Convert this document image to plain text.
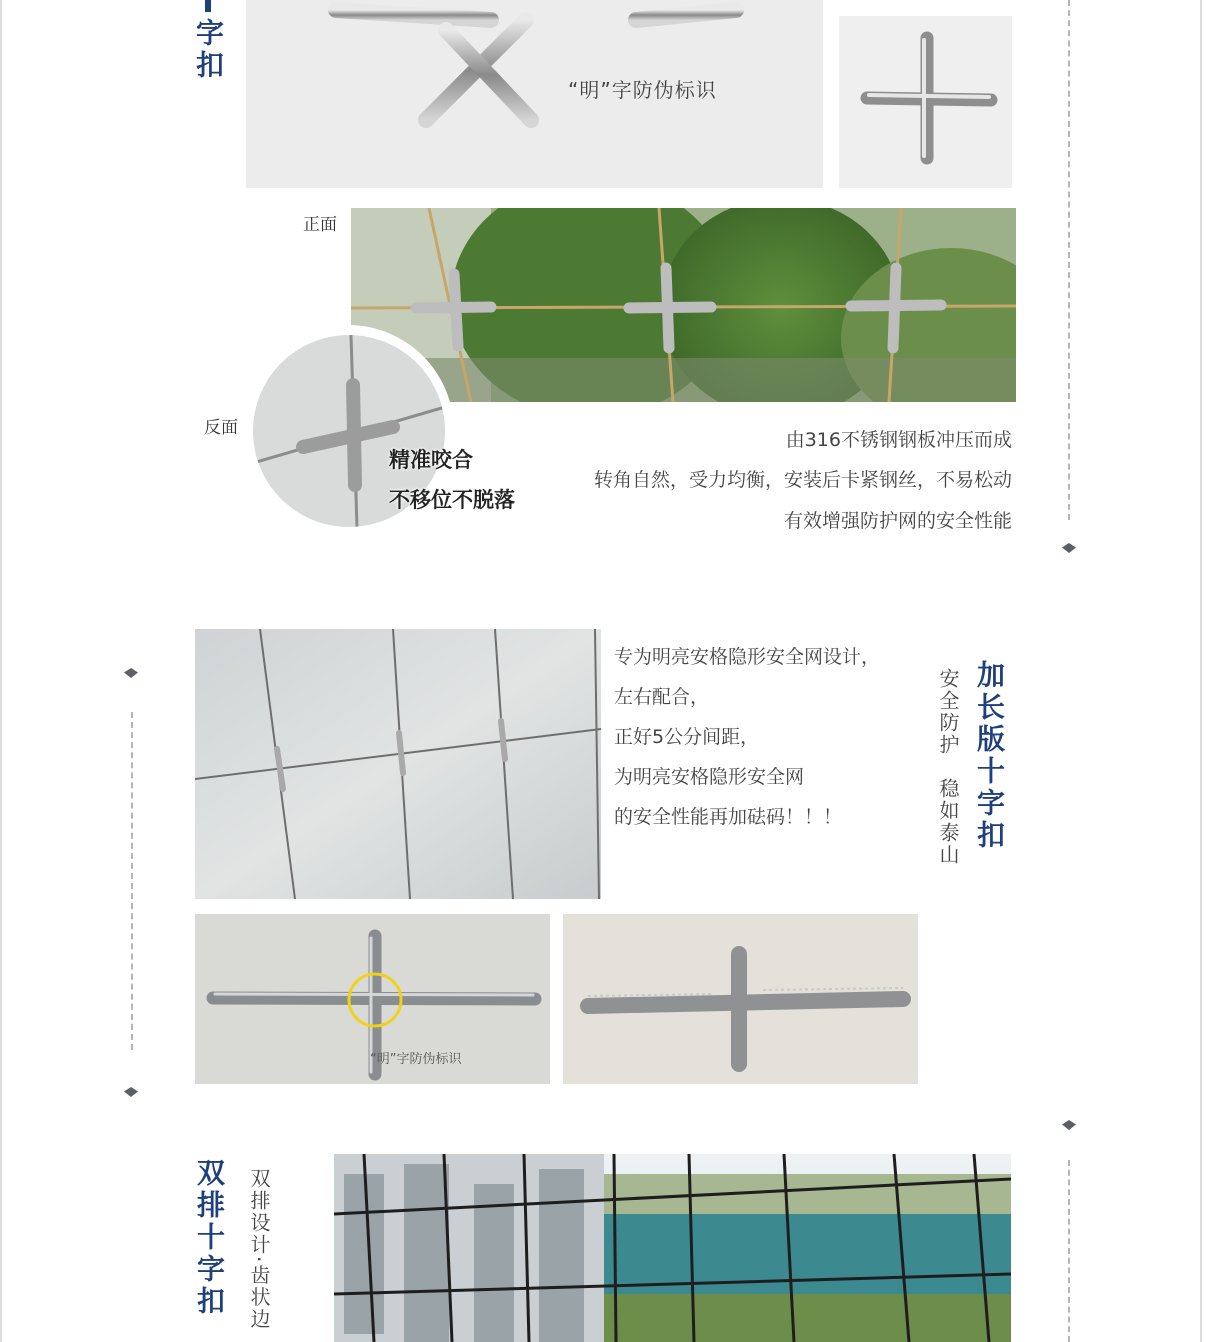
字扣
“明”字防伪标识
正面
反面
精准咬合
不移位不脱落
由316不锈钢钢板冲压而成
转角自然，受力均衡，安装后卡紧钢丝，不易松动
有效增强防护网的安全性能
专为明亮安格隐形安全网设计，
左右配合，
正好5公分间距，
为明亮安格隐形安全网
的安全性能再加砝码！！！	加长版十字扣
安全防护　稳如泰山
“明”字防伪标识
双排十字扣 双排设计·齿状边
